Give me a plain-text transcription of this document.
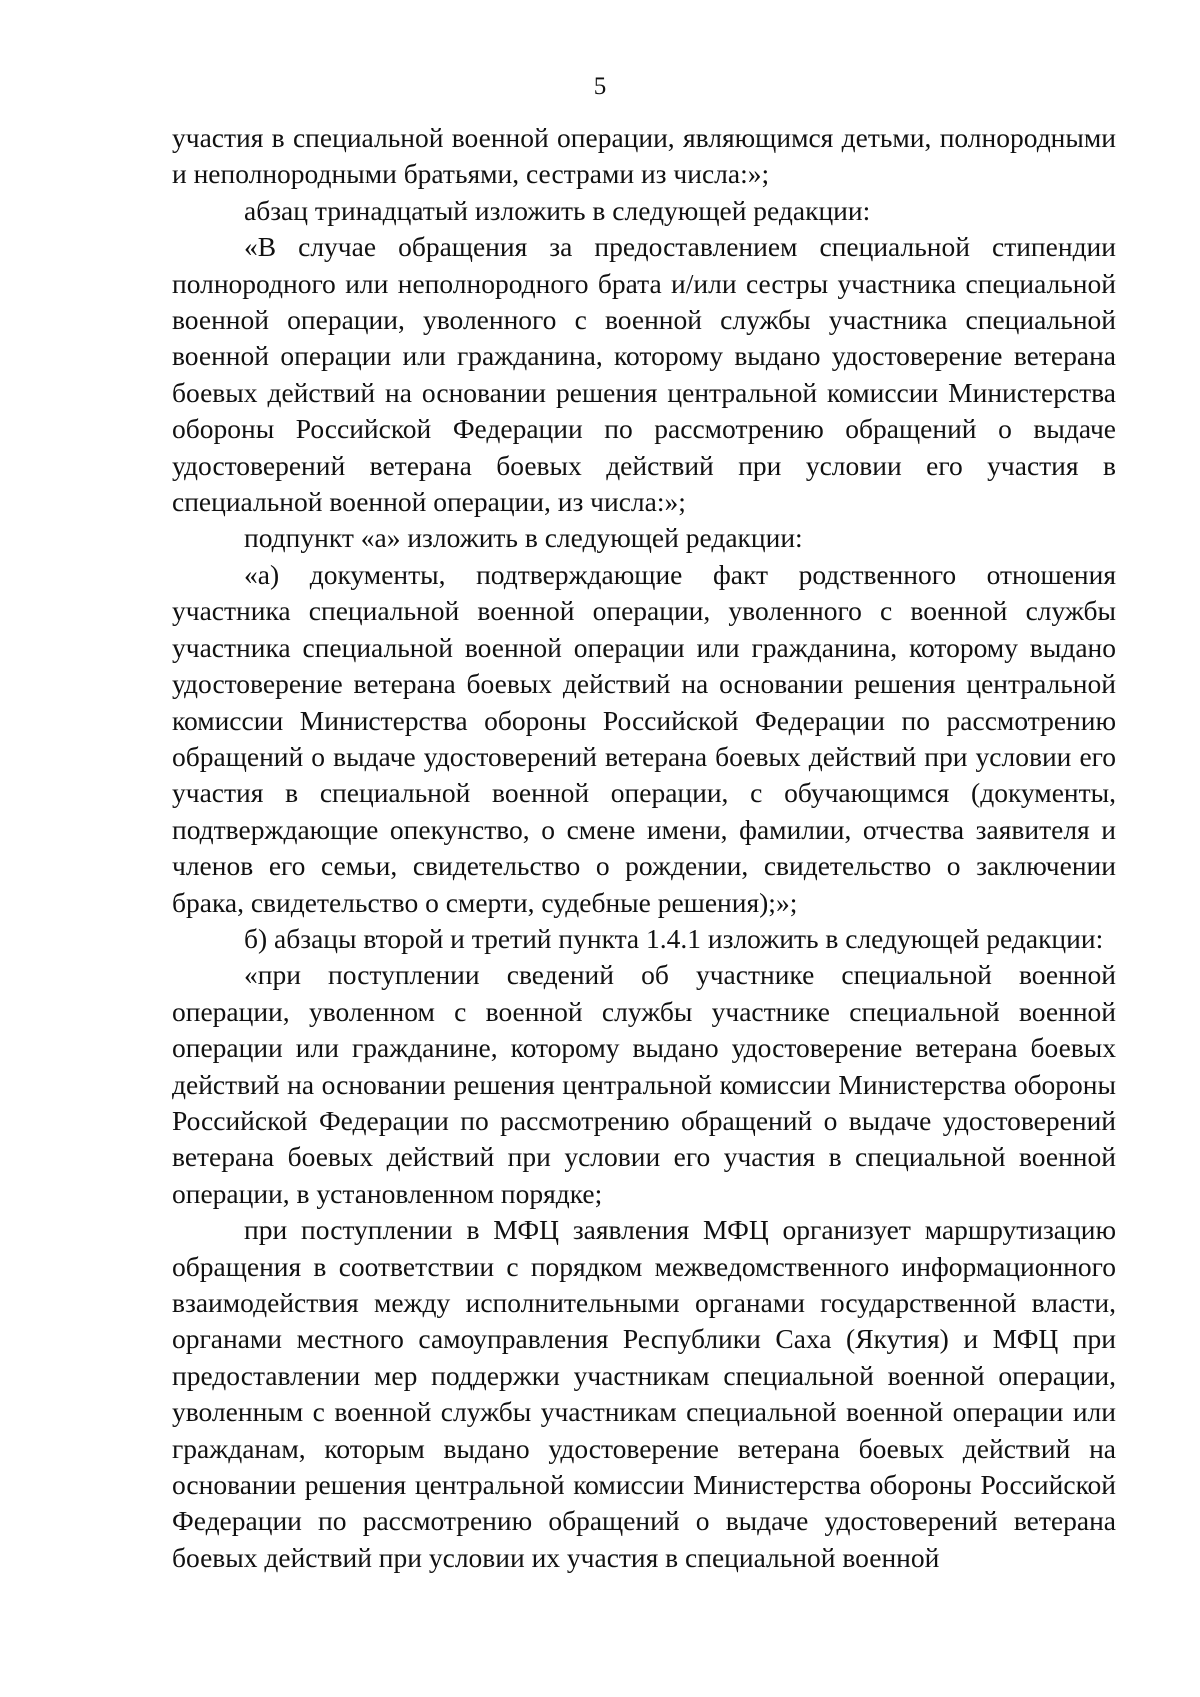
5

участия в специальной военной операции, являющимся детьми, полнородными и неполнородными братьями, сестрами из числа:»;

абзац тринадцатый изложить в следующей редакции:

«В случае обращения за предоставлением специальной стипендии полнородного или неполнородного брата и/или сестры участника специальной военной операции, уволенного с военной службы участника специальной военной операции или гражданина, которому выдано удостоверение ветерана боевых действий на основании решения центральной комиссии Министерства обороны Российской Федерации по рассмотрению обращений о выдаче удостоверений ветерана боевых действий при условии его участия в специальной военной операции, из числа:»;

подпункт «а» изложить в следующей редакции:

«а) документы, подтверждающие факт родственного отношения участника специальной военной операции, уволенного с военной службы участника специальной военной операции или гражданина, которому выдано удостоверение ветерана боевых действий на основании решения центральной комиссии Министерства обороны Российской Федерации по рассмотрению обращений о выдаче удостоверений ветерана боевых действий при условии его участия в специальной военной операции, с обучающимся (документы, подтверждающие опекунство, о смене имени, фамилии, отчества заявителя и членов его семьи, свидетельство о рождении, свидетельство о заключении брака, свидетельство о смерти, судебные решения);»;

б) абзацы второй и третий пункта 1.4.1 изложить в следующей редакции:

«при поступлении сведений об участнике специальной военной операции, уволенном с военной службы участнике специальной военной операции или гражданине, которому выдано удостоверение ветерана боевых действий на основании решения центральной комиссии Министерства обороны Российской Федерации по рассмотрению обращений о выдаче удостоверений ветерана боевых действий при условии его участия в специальной военной операции, в установленном порядке;

при поступлении в МФЦ заявления МФЦ организует маршрутизацию обращения в соответствии с порядком межведомственного информационного взаимодействия между исполнительными органами государственной власти, органами местного самоуправления Республики Саха (Якутия) и МФЦ при предоставлении мер поддержки участникам специальной военной операции, уволенным с военной службы участникам специальной военной операции или гражданам, которым выдано удостоверение ветерана боевых действий на основании решения центральной комиссии Министерства обороны Российской Федерации по рассмотрению обращений о выдаче удостоверений ветерана боевых действий при условии их участия в специальной военной
